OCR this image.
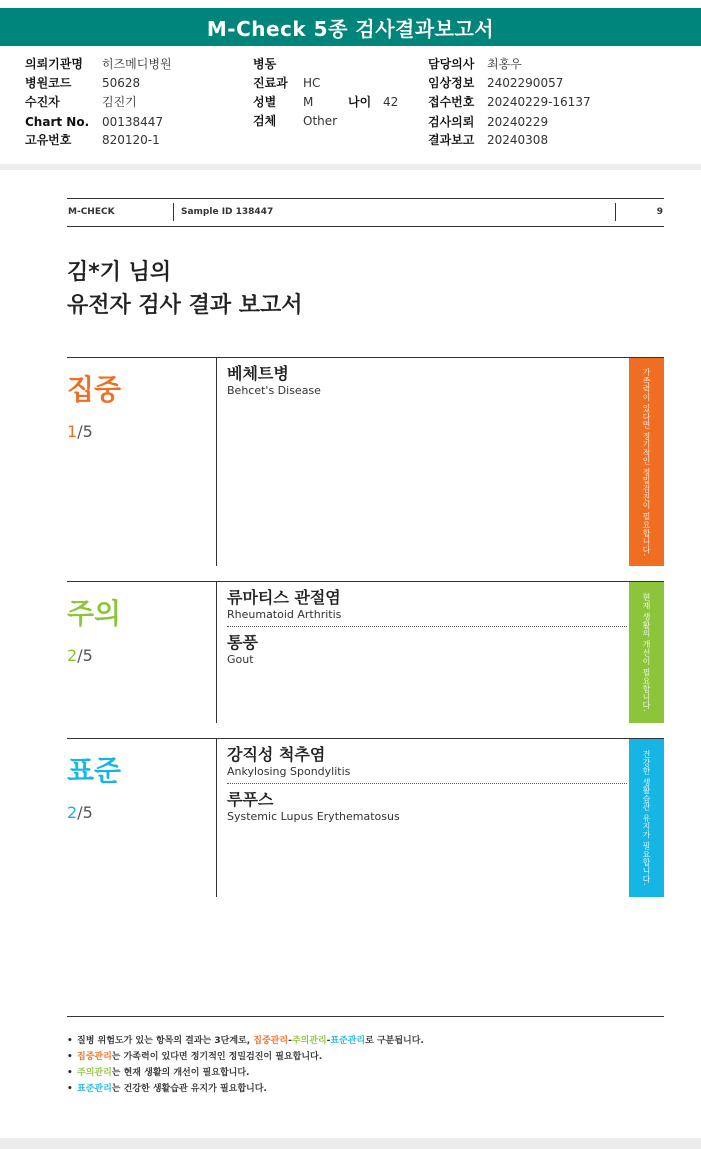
M-Check 5종 검사결과보고서
의뢰기관명 히즈메디병원
병원코드	50628
수진자	김진기
Chart No. 00138447
고유번호	820120-1
병동
진료과 HC
성별 M	나이 42
검체 Other
담당의사 최홍우
임상정보 2402290057
접수번호 20240229-16137
검사의뢰 20240229
결과보고 20240308
M-CHECK	Sample ID 138447	9
김*기 님의
유전자 검사 결과 보고서
집중
1/5
베체트병
Behcet's Disease	가족력이 있다면 정기적인 정밀검진이 필요합니다.
주의
2/5
류마티스 관절염
Rheumatoid Arthritis
통풍
Gout	현재 생활의 개선이 필요합니다.
표준
2/5
강직성 척추염
Ankylosing Spondylitis
루푸스
Systemic Lupus Erythematosus	건강한 생활습관 유지가 필요합니다.
• 질병 위험도가 있는 항목의 결과는 3단계로, 집중관리-주의관리-표준관리로 구분됩니다.
• 집중관리는 가족력이 있다면 정기적인 정밀검진이 필요합니다.
• 주의관리는 현재 생활의 개선이 필요합니다.
• 표준관리는 건강한 생활습관 유지가 필요합니다.
